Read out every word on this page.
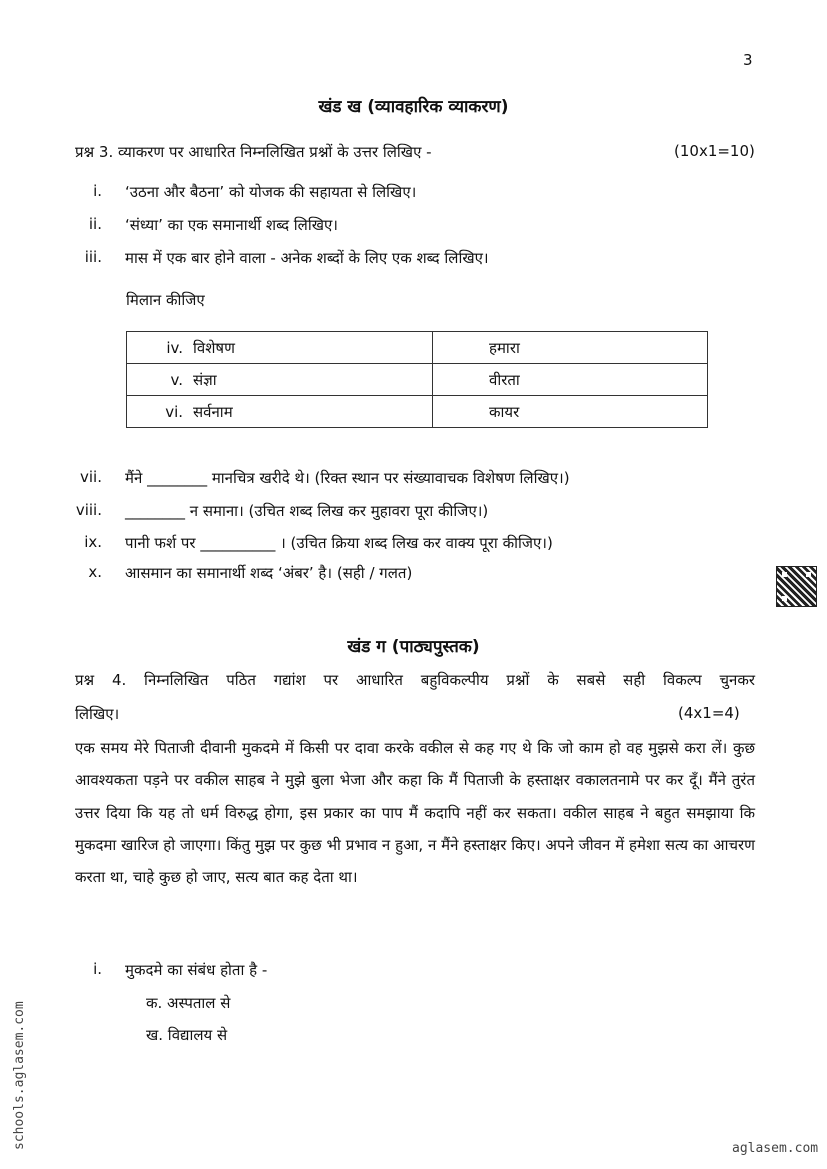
3
खंड ख (व्यावहारिक व्याकरण)
प्रश्न 3. व्याकरण पर आधारित निम्नलिखित प्रश्नों के उत्तर लिखिए -	(10x1=10)
i. ‘उठना और बैठना’ को योजक की सहायता से लिखिए।
ii. ‘संध्या’ का एक समानार्थी शब्द लिखिए।
iii. मास में एक बार होने वाला - अनेक शब्दों के लिए एक शब्द लिखिए।
मिलान कीजिए
iv. विशेषण	हमारा
v. संज्ञा	वीरता
vi. सर्वनाम	कायर
vii. मैंने ________ मानचित्र खरीदे थे। (रिक्त स्थान पर संख्यावाचक विशेषण लिखिए।)
viii. ________ न समाना। (उचित शब्द लिख कर मुहावरा पूरा कीजिए।)
ix. पानी फर्श पर __________ । (उचित क्रिया शब्द लिख कर वाक्य पूरा कीजिए।)
x. आसमान का समानार्थी शब्द ‘अंबर’ है। (सही / गलत)
खंड ग (पाठ्यपुस्तक)
प्रश्न 4. निम्नलिखित पठित गद्यांश पर आधारित बहुविकल्पीय प्रश्नों के सबसे सही विकल्प चुनकर
लिखिए।	(4x1=4)
एक समय मेरे पिताजी दीवानी मुकदमे में किसी पर दावा करके वकील से कह गए थे कि जो काम हो वह मुझसे करा लें। कुछ आवश्यकता पड़ने पर वकील साहब ने मुझे बुला भेजा और कहा कि मैं पिताजी के हस्ताक्षर वकालतनामे पर कर दूँ। मैंने तुरंत उत्तर दिया कि यह तो धर्म विरुद्ध होगा, इस प्रकार का पाप मैं कदापि नहीं कर सकता। वकील साहब ने बहुत समझाया कि मुकदमा खारिज हो जाएगा। किंतु मुझ पर कुछ भी प्रभाव न हुआ, न मैंने हस्ताक्षर किए। अपने जीवन में हमेशा सत्य का आचरण करता था, चाहे कुछ हो जाए, सत्य बात कह देता था।
i. मुकदमे का संबंध होता है -
क. अस्पताल से
ख. विद्यालय से
schools.aglasem.com	aglasem.com
